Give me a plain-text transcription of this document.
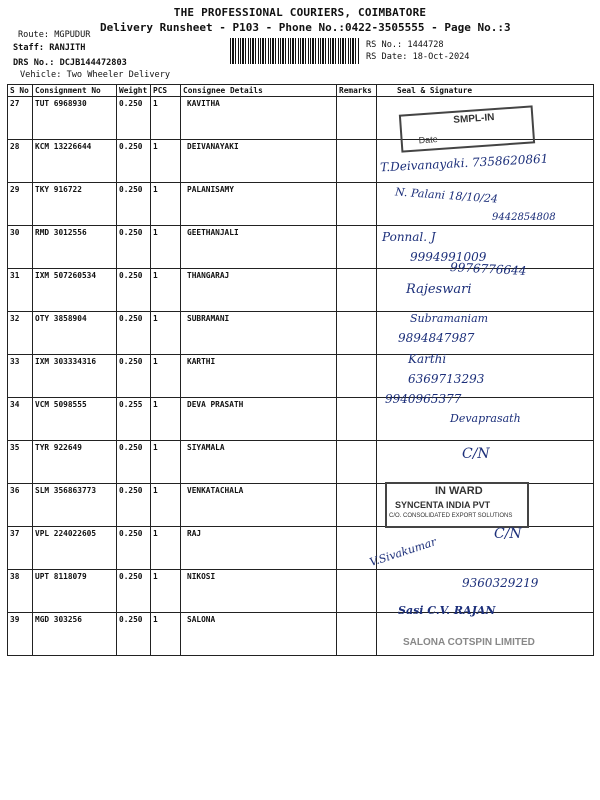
THE PROFESSIONAL COURIERS, COIMBATORE
Delivery Runsheet - P103 - Phone No.:0422-3505555 - Page No.:3
Route: MGPUDUR
Staff: RANJITH
DRS No.: DCJB144472803
Vehicle: Two Wheeler Delivery
RS No.: 1444728
RS Date: 18-Oct-2024
S No	Consignment No	Weight	PCS	Consignee Details	Remarks	Seal & Signature
27	TUT 6968930	0.250	1	KAVITHA		
28	KCM 13226644	0.250	1	DEIVANAYAKI		
29	TKY 916722	0.250	1	PALANISAMY		
30	RMD 3012556	0.250	1	GEETHANJALI		
31	IXM 507260534	0.250	1	THANGARAJ		
32	OTY 3858904	0.250	1	SUBRAMANI		
33	IXM 303334316	0.250	1	KARTHI		
34	VCM 5098555	0.255	1	DEVA PRASATH		
35	TYR 922649	0.250	1	SIYAMALA		
36	SLM 356863773	0.250	1	VENKATACHALA		
37	VPL 224022605	0.250	1	RAJ		
38	UPT 8118079	0.250	1	NIKOSI		
39	MGD 303256	0.250	1	SALONA		
SMPL-IN
Date
T.Deivanayaki. 7358620861
N. Palani 18/10/24
9442854808
Ponnal. J
9994991009
9976776644
Rajeswari
Subramaniam
9894847987
Karthi
6369713293
9940965377
Devaprasath
C/N
IN WARD
SYNCENTA INDIA PVT
C/O. CONSOLIDATED EXPORT SOLUTIONS
C/N
V.Sivakumar
9360329219
Sasi C.V. RAJAN
SALONA COTSPIN LIMITED
